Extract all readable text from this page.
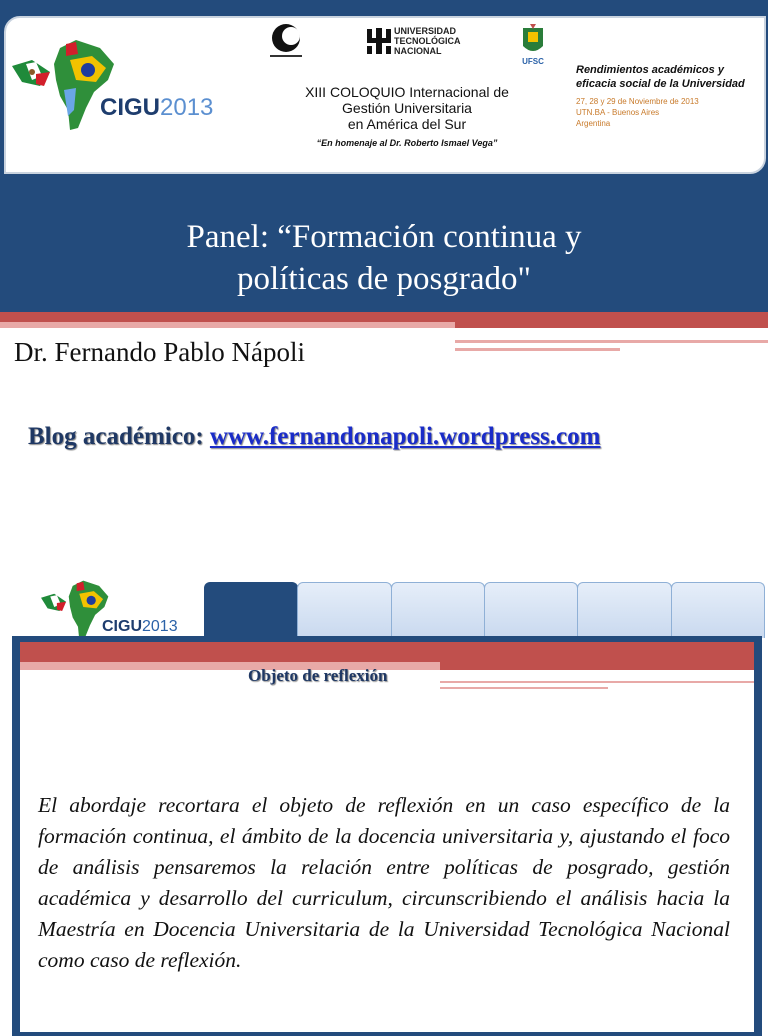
CIGU2013
UNIVERSIDAD
TECNOLÓGICA
NACIONAL
UFSC
XIII COLOQUIO Internacional de
Gestión Universitaria
en América del Sur
“En homenaje al Dr. Roberto Ismael Vega”
Rendimientos académicos y eficacia social de la Universidad
27, 28 y 29 de Noviembre de 2013
UTN.BA - Buenos Aires
Argentina
Panel: “Formación continua y
políticas de posgrado"
Dr. Fernando Pablo Nápoli
Blog académico: www.fernandonapoli.wordpress.com
CIGU2013
Objeto de reflexión
El abordaje recortara el objeto de reflexión en un caso específico de la formación continua, el ámbito de la docencia universitaria y, ajustando el foco de análisis pensaremos la relación entre políticas de posgrado, gestión académica y desarrollo del curriculum, circunscribiendo el análisis hacia la Maestría en Docencia Universitaria de la Universidad Tecnológica Nacional como caso de reflexión.
